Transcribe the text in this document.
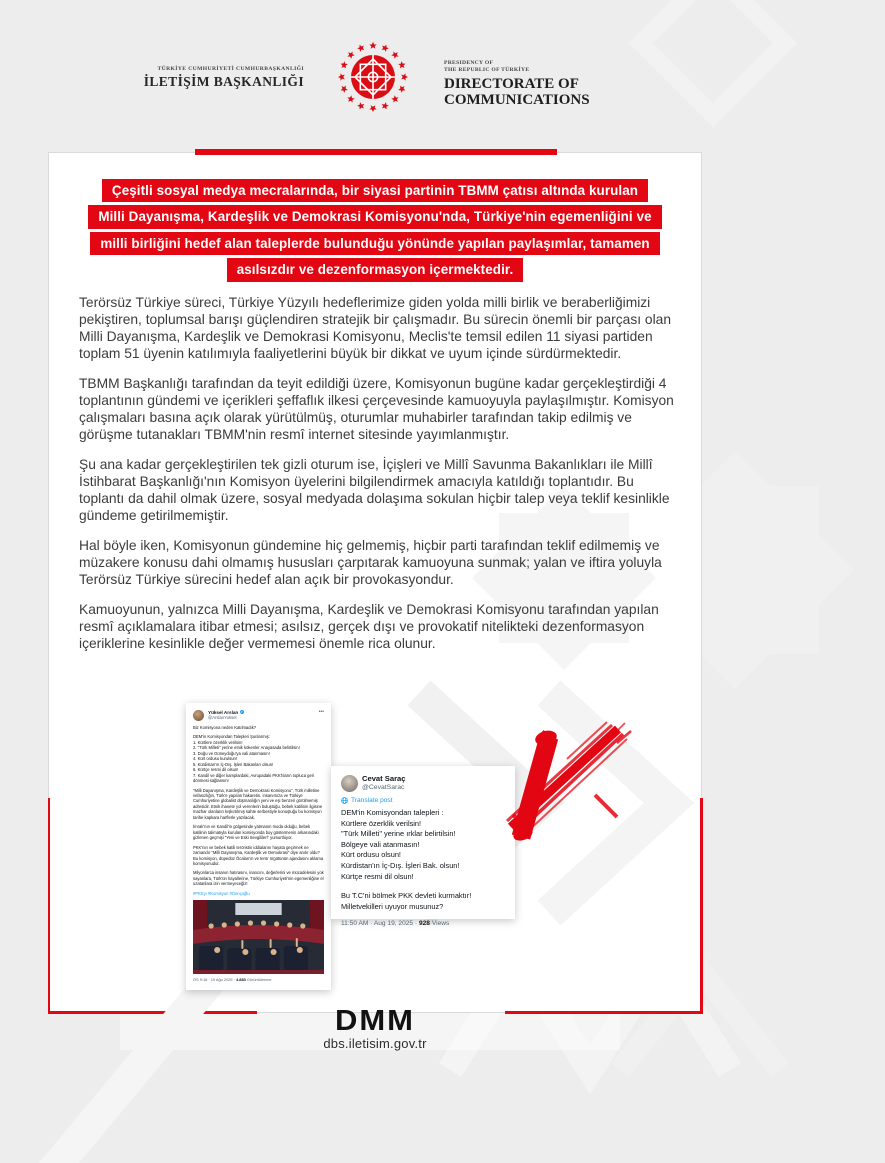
TÜRKİYE CUMHURİYETİ CUMHURBAŞKANLIĞI
İLETİŞİM BAŞKANLIĞI
PRESIDENCY OF
THE REPUBLIC OF TÜRKİYE
DIRECTORATE OF
COMMUNICATIONS
Çeşitli sosyal medya mecralarında, bir siyasi partinin TBMM çatısı altında kurulan
Milli Dayanışma, Kardeşlik ve Demokrasi Komisyonu'nda, Türkiye'nin egemenliğini ve
milli birliğini hedef alan taleplerde bulunduğu yönünde yapılan paylaşımlar, tamamen
asılsızdır ve dezenformasyon içermektedir.

Terörsüz Türkiye süreci, Türkiye Yüzyılı hedeflerimize giden yolda milli birlik ve beraberliğimizi pekiştiren, toplumsal barışı güçlendiren stratejik bir çalışmadır. Bu sürecin önemli bir parçası olan Milli Dayanışma, Kardeşlik ve Demokrasi Komisyonu, Meclis'te temsil edilen 11 siyasi partiden toplam 51 üyenin katılımıyla faaliyetlerini büyük bir dikkat ve uyum içinde sürdürmektedir.

TBMM Başkanlığı tarafından da teyit edildiği üzere, Komisyonun bugüne kadar gerçekleştirdiği 4 toplantının gündemi ve içerikleri şeffaflık ilkesi çerçevesinde kamuoyuyla paylaşılmıştır. Komisyon çalışmaları basına açık olarak yürütülmüş, oturumlar muhabirler tarafından takip edilmiş ve görüşme tutanakları TBMM'nin resmî internet sitesinde yayımlanmıştır.

Şu ana kadar gerçekleştirilen tek gizli oturum ise, İçişleri ve Millî Savunma Bakanlıkları ile Millî İstihbarat Başkanlığı'nın Komisyon üyelerini bilgilendirmek amacıyla katıldığı toplantıdır. Bu toplantı da dahil olmak üzere, sosyal medyada dolaşıma sokulan hiçbir talep veya teklif kesinlikle gündeme getirilmemiştir.

Hal böyle iken, Komisyonun gündemine hiç gelmemiş, hiçbir parti tarafından teklif edilmemiş ve müzakere konusu dahi olmamış hususları çarpıtarak kamuoyuna sunmak; yalan ve iftira yoluyla Terörsüz Türkiye sürecini hedef alan açık bir provokasyondur.

Kamuoyunun, yalnızca Milli Dayanışma, Kardeşlik ve Demokrasi Komisyonu tarafından yapılan resmî açıklamalara itibar etmesi; asılsız, gerçek dışı ve provokatif nitelikteki dezenformasyon içeriklerine kesinlikle değer vermemesi önemle rica olunur.

Yüksel Arslan ✓
@ArslanYuksel
•••
Biz Komisyona neden Katılmadık?
DEM'in Komisyondan Talepleri Şunlarmış:
1. Kürtlere özerklik verilsin!
2. "Türk Milleti" yerine etnik kökenler Anayasada belirtilsin!
3. Doğu ve Güneydoğu'ya vali atanmasın!
4. Kürt ordusu kurulsun!
5. Kürdistan'ın İç-Dış. İşleri Bakanları olsun!
6. Kürtçe resmi dil olsun!
7. Kandil ve diğer kamplardaki, Avrupadaki PKK'lıların topluca geri dönmesi sağlansın!
"Milli Dayanışma, Kardeşlik ve Demokrasi Komisyonu", Türk milletine vefasızlığın, Türk'e yapılan hakaretin, insanımıza ve Türkiye Cumhuriyetine globalist düşmanlığın yeni ve eşi benzeri görülmemiş adresidir. Etnik ihanete yol verenlerin buluştuğu, bebek katilinin ilgisine mazhar olanların kışkırtılmış sahte serbestiyle konuştuğu bu komisyon tarihe kapkara harflerle yazılacak.
İmralı'nın ve Kandil'in gölgesinde yatmanın moda olduğu, bebek katilinin talimatıyla kurulan komisyonda boy göstermenin arkasındaki gizlenen geçmişi "Yeni ve Eski Sevgilileri" yumurtluyor.
PKK'nın ve bebek katili teröristin iddialarını hayata geçirmek ne zamandır "Milli Dayanışma, Kardeşlik ve Demokrasi" diye anılır oldu? Bu komisyon, düpedüz Öcalan'ın ve terör örgütünün ajandasını aklama komisyonudur.
Milyonlarca insanın hatırasını, inancını, değerlerini ve mücadelesini yok sayanlara, Türk'ün hayallerine, Türkiye Cumhuriyeti'nin egemenliğine el uzatanlara izin vermeyeceğiz!
#PKKyı #Komisyon #Gençoğlu
ÖS 9:18 · 19 Ağu 2025 · 4.883 Görüntülenme
Cevat Saraç
@CevatSarac
Translate post
DEM'in Komisyondan talepleri :
Kürtlere özerklik verilsin!
"Türk Milleti" yerine ırklar belirtilsin!
Bölgeye vali atanmasın!
Kürt ordusu olsun!
Kürdistan'ın İç-Dış. İşleri Bak. olsun!
Kürtçe resmi dil olsun!
Bu T.C'ni bölmek PKK devleti kurmaktır!
Milletvekilleri uyuyor musunuz?
11:50 AM · Aug 19, 2025 · 928 Views
DMM
dbs.iletisim.gov.tr
